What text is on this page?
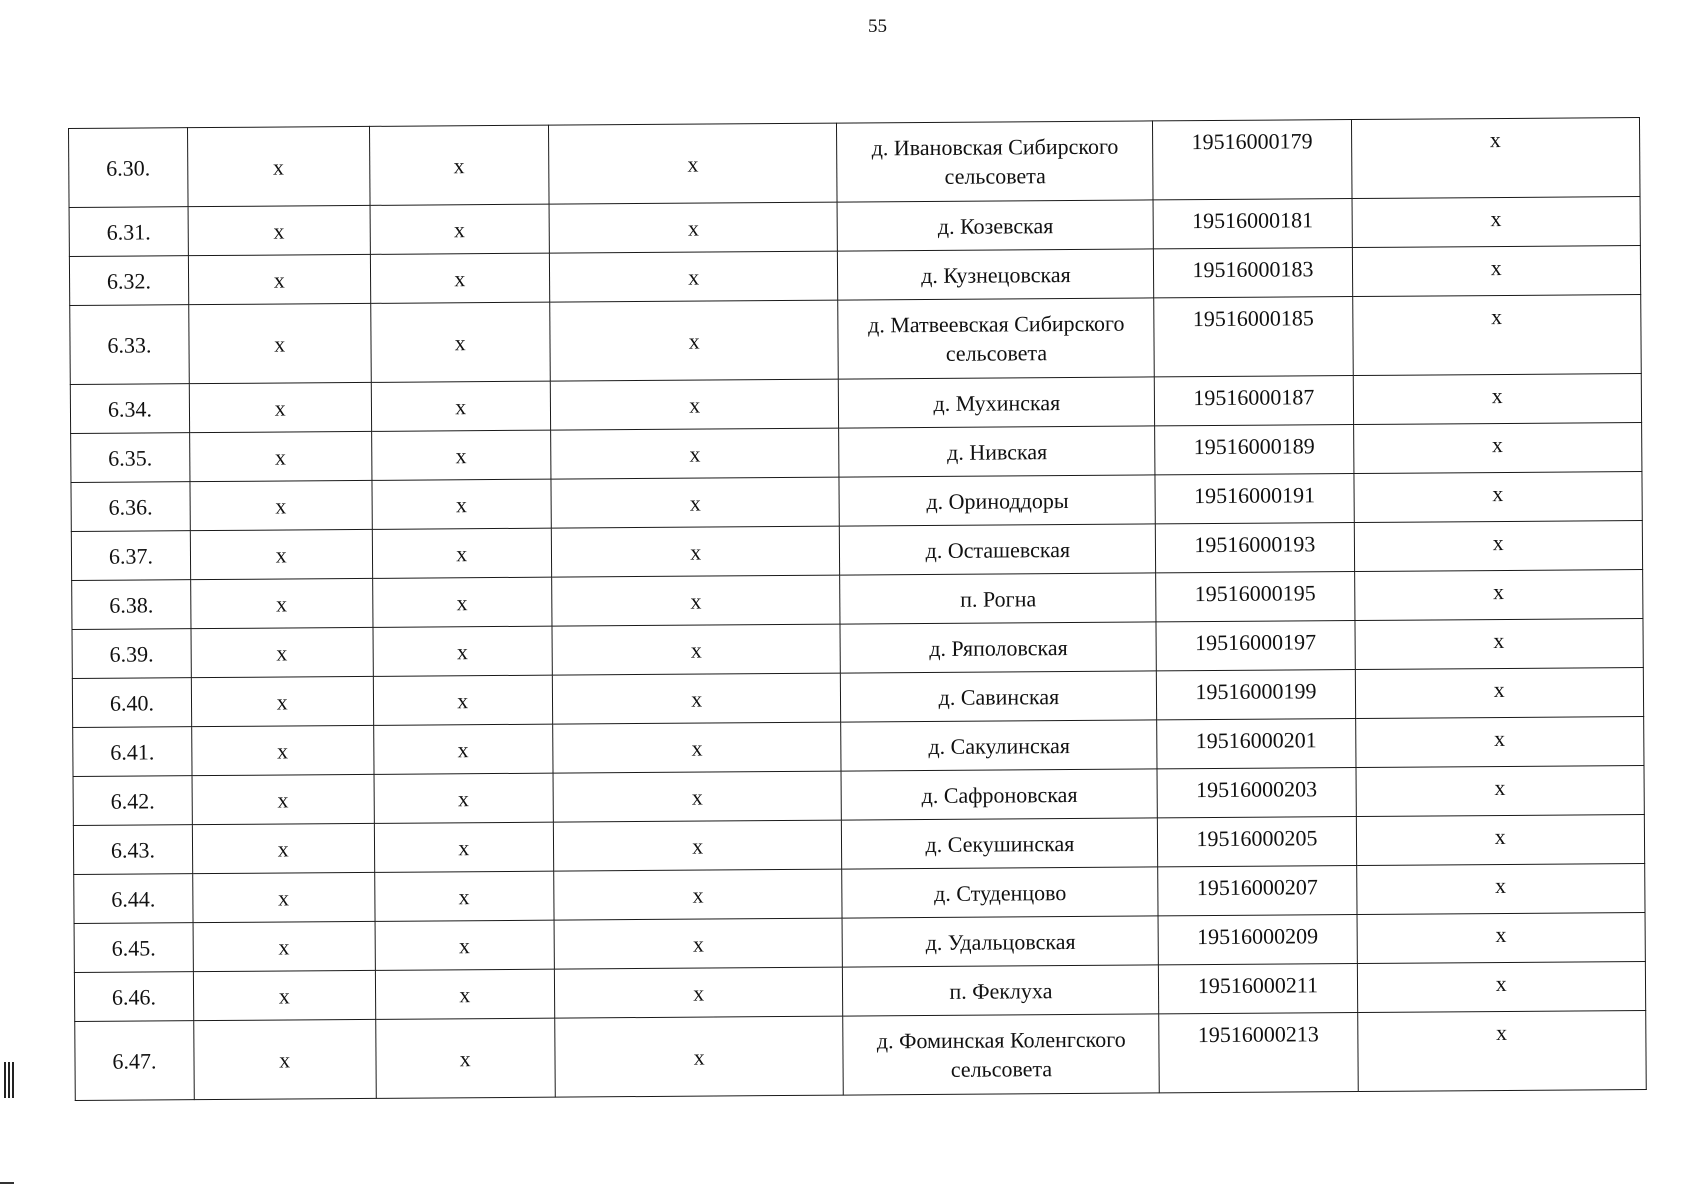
55
6.30.	x	x	x	д. Ивановская Сибирского сельсовета	19516000179	x
6.31.	x	x	x	д. Козевская	19516000181	x
6.32.	x	x	x	д. Кузнецовская	19516000183	x
6.33.	x	x	x	д. Матвеевская Сибирского сельсовета	19516000185	x
6.34.	x	x	x	д. Мухинская	19516000187	x
6.35.	x	x	x	д. Нивская	19516000189	x
6.36.	x	x	x	д. Ориноддоры	19516000191	x
6.37.	x	x	x	д. Осташевская	19516000193	x
6.38.	x	x	x	п. Рогна	19516000195	x
6.39.	x	x	x	д. Ряполовская	19516000197	x
6.40.	x	x	x	д. Савинская	19516000199	x
6.41.	x	x	x	д. Сакулинская	19516000201	x
6.42.	x	x	x	д. Сафроновская	19516000203	x
6.43.	x	x	x	д. Секушинская	19516000205	x
6.44.	x	x	x	д. Студенцово	19516000207	x
6.45.	x	x	x	д. Удальцовская	19516000209	x
6.46.	x	x	x	п. Феклуха	19516000211	x
6.47.	x	x	x	д. Фоминская Коленгского сельсовета	19516000213	x
